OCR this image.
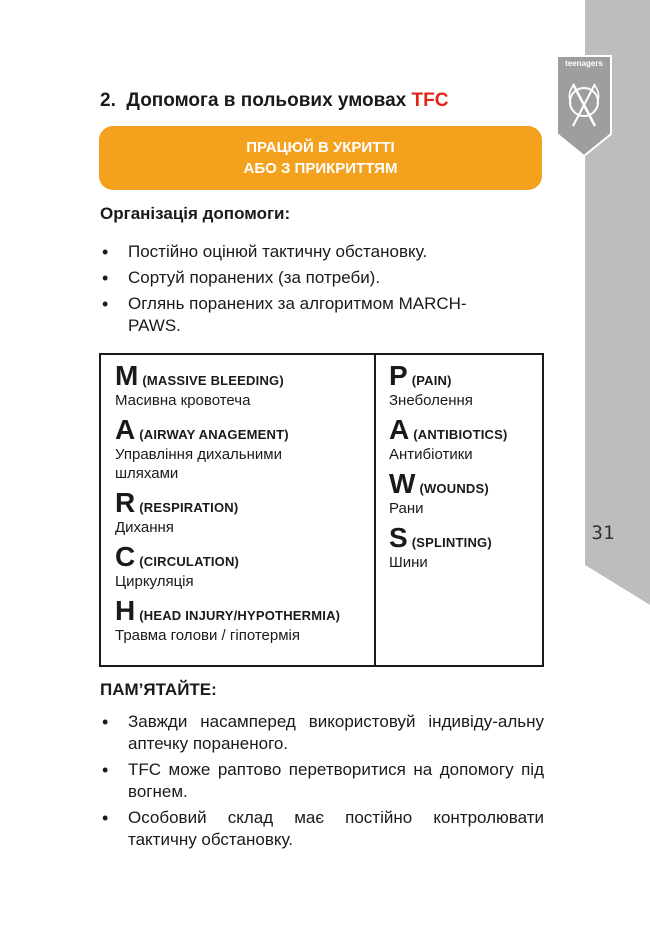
31
teenagers
2. Допомога в польових умовах TFC
ПРАЦЮЙ В УКРИТТІ
АБО З ПРИКРИТТЯМ
Організація допомоги:
• Постійно оцінюй тактичну обстановку.
• Сортуй поранених (за потреби).
• Оглянь поранених за алгоритмом MARCH-PAWS.
M (MASSIVE BLEEDING)
Масивна кровотеча
A (AIRWAY ANAGEMENT)
Управління дихальними шляхами
R (RESPIRATION)
Дихання
C (CIRCULATION)
Циркуляція
H (HEAD INJURY/HYPOTHERMIA)
Травма голови / гіпотермія
P (PAIN)
Знеболення
A (ANTIBIOTICS)
Антибіотики
W (WOUNDS)
Рани
S (SPLINTING)
Шини
ПАМ’ЯТАЙТЕ:
• Завжди насамперед використовуй індивіду-альну аптечку пораненого.
• TFC може раптово перетворитися на допомогу під вогнем.
• Особовий склад має постійно контролювати тактичну обстановку.
